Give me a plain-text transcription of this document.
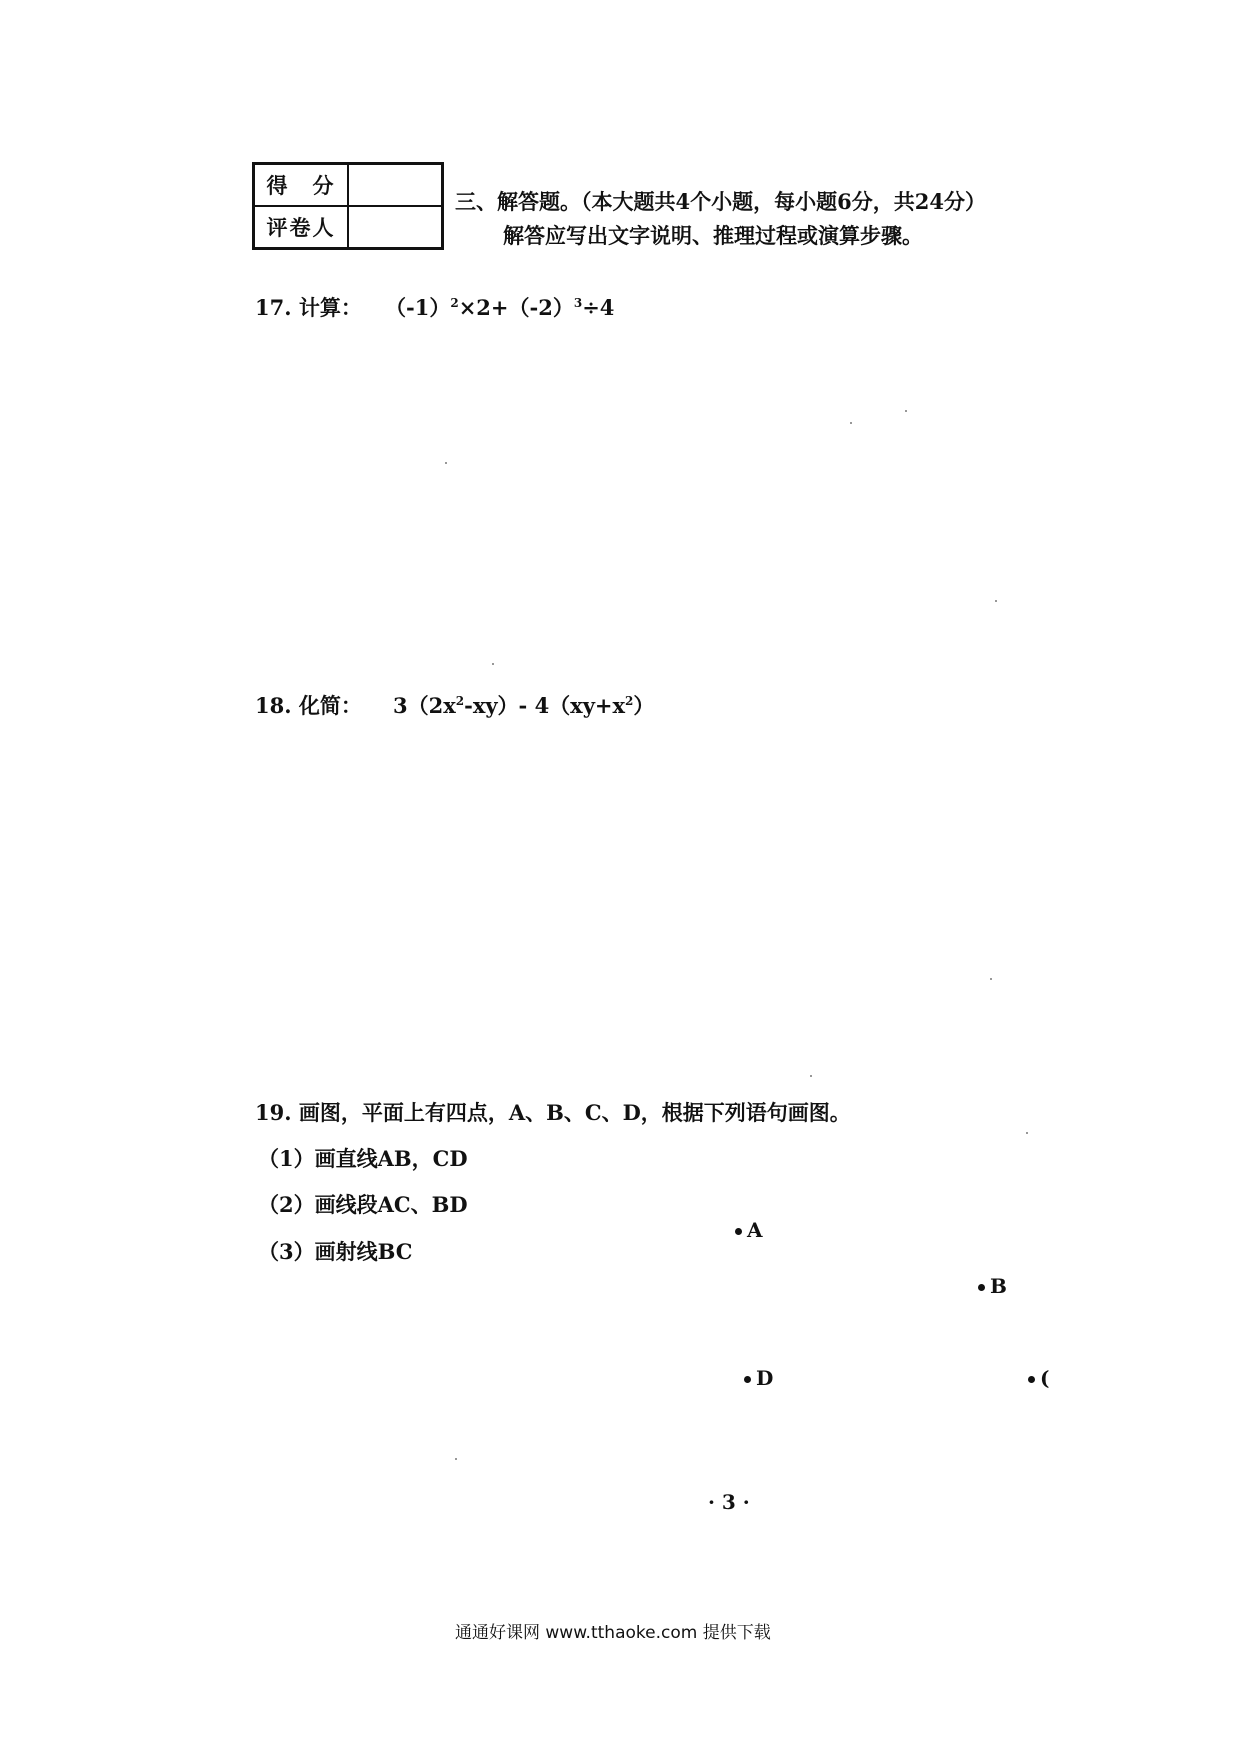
得　分	
评卷人	
三、解答题。（本大题共4个小题，每小题6分，共24分）
解答应写出文字说明、推理过程或演算步骤。
17. 计算： $(-1)^2\times 2+(-2)^3\div 4$
18. 化简： $3(2x^2-xy)-$ $4(xy+x^2)$
19. 画图，平面上有四点，A、B、C、D，根据下列语句画图。
（1）画直线AB，CD
（2）画线段AC、BD
（3）画射线BC
A
B
D	(
· 3 ·
通通好课网 www.tthaoke.com 提供下载
